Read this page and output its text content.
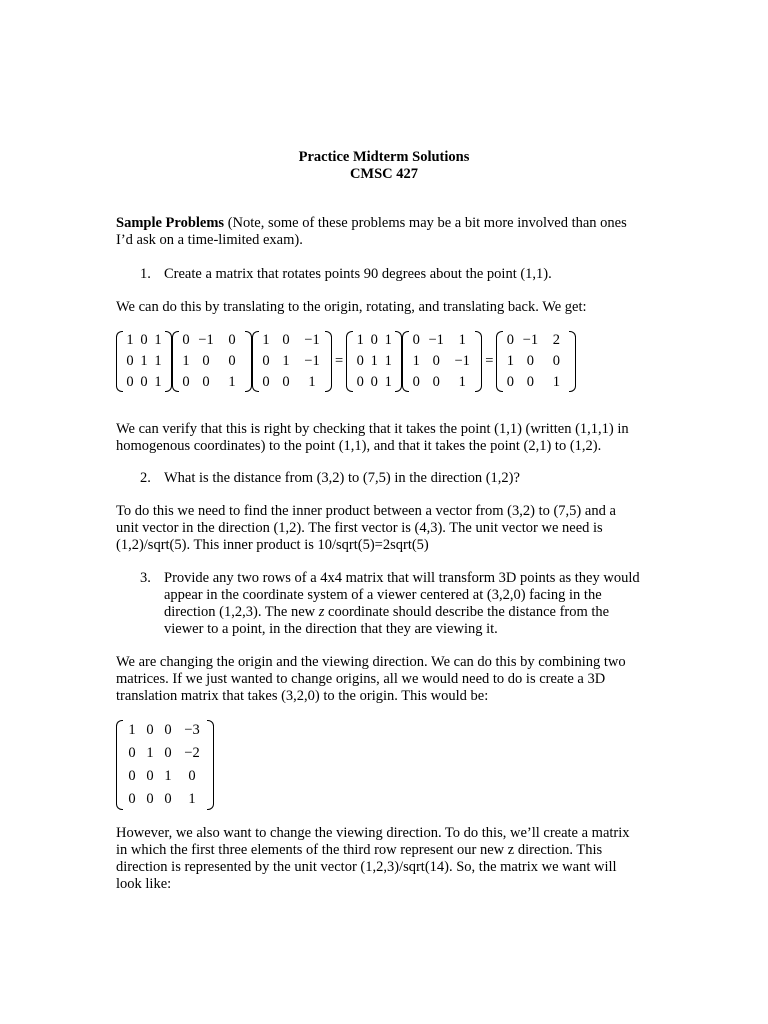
Practice Midterm Solutions
CMSC 427
Sample Problems (Note, some of these problems may be a bit more involved than ones
I’d ask on a time-limited exam).
1. Create a matrix that rotates points 90 degrees about the point (1,1).
We can do this by translating to the origin, rotating, and translating back. We get:
1 0 1
0 1 1
0 0 1
0 −1	0
1 0	0
0 0	1
1 0	−1
0 1	−1
0 0	1
=
1 0 1
0 1 1
0 0 1
0 −1	1
1 0	−1
0 0	1
=
0 −1	2
1 0	0
0 0	1
We can verify that this is right by checking that it takes the point (1,1) (written (1,1,1) in
homogenous coordinates) to the point (1,1), and that it takes the point (2,1) to (1,2).
2. What is the distance from (3,2) to (7,5) in the direction (1,2)?
To do this we need to find the inner product between a vector from (3,2) to (7,5) and a
unit vector in the direction (1,2). The first vector is (4,3). The unit vector we need is
(1,2)/sqrt(5). This inner product is 10/sqrt(5)=2sqrt(5)
3. Provide any two rows of a 4x4 matrix that will transform 3D points as they would
appear in the coordinate system of a viewer centered at (3,2,0) facing in the
direction (1,2,3). The new z coordinate should describe the distance from the
viewer to a point, in the direction that they are viewing it.
We are changing the origin and the viewing direction. We can do this by combining two
matrices. If we just wanted to change origins, all we would need to do is create a 3D
translation matrix that takes (3,2,0) to the origin. This would be:
1 0 0 −3
0 1 0 −2
0 0 1	0
0 0 0	1
However, we also want to change the viewing direction. To do this, we’ll create a matrix
in which the first three elements of the third row represent our new z direction. This
direction is represented by the unit vector (1,2,3)/sqrt(14). So, the matrix we want will
look like:
